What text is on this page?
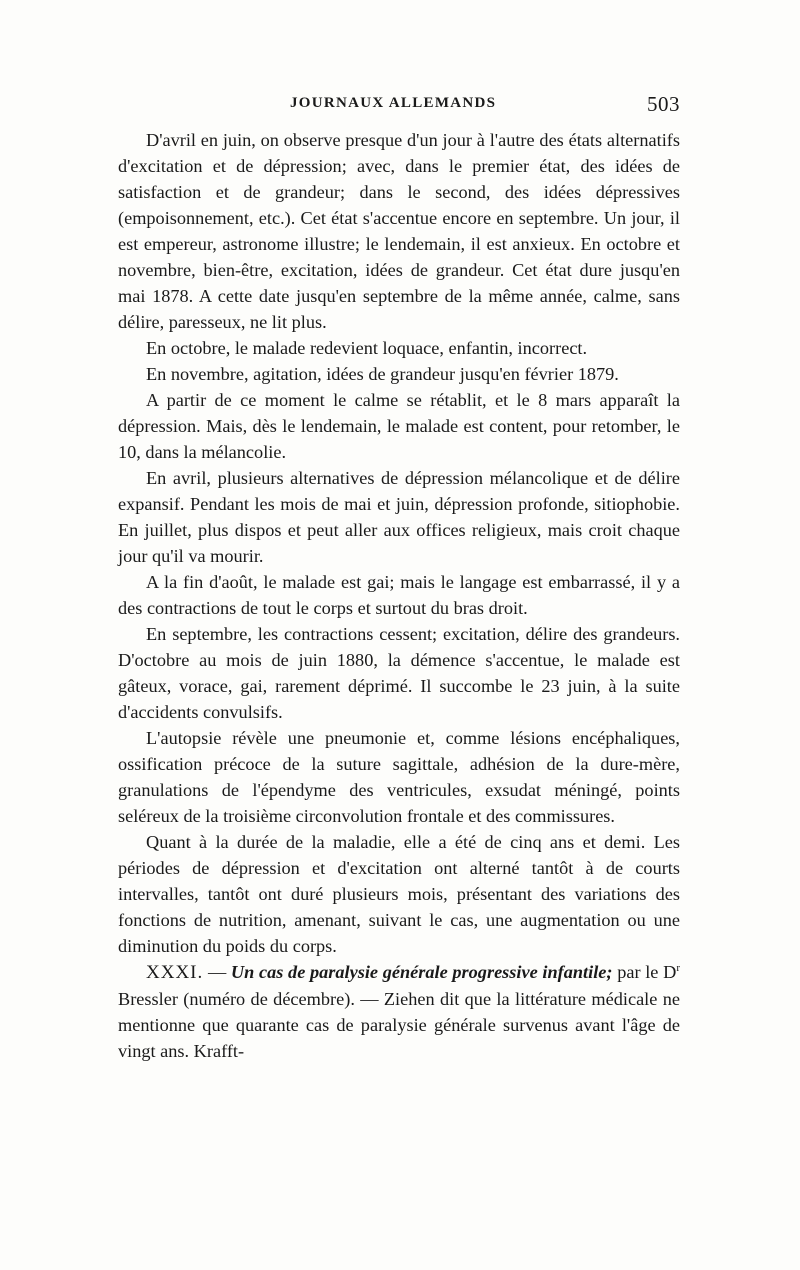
JOURNAUX ALLEMANDS	503

D'avril en juin, on observe presque d'un jour à l'autre des états alternatifs d'excitation et de dépression; avec, dans le premier état, des idées de satisfaction et de grandeur; dans le second, des idées dépressives (empoisonnement, etc.). Cet état s'accentue encore en septembre. Un jour, il est empereur, astronome illustre; le lendemain, il est anxieux. En octobre et novembre, bien-être, excitation, idées de grandeur. Cet état dure jusqu'en mai 1878. A cette date jusqu'en septembre de la même année, calme, sans délire, paresseux, ne lit plus.

En octobre, le malade redevient loquace, enfantin, incorrect.

En novembre, agitation, idées de grandeur jusqu'en février 1879.

A partir de ce moment le calme se rétablit, et le 8 mars apparaît la dépression. Mais, dès le lendemain, le malade est content, pour retomber, le 10, dans la mélancolie.

En avril, plusieurs alternatives de dépression mélancolique et de délire expansif. Pendant les mois de mai et juin, dépression profonde, sitiophobie. En juillet, plus dispos et peut aller aux offices religieux, mais croit chaque jour qu'il va mourir.

A la fin d'août, le malade est gai; mais le langage est embarrassé, il y a des contractions de tout le corps et surtout du bras droit.

En septembre, les contractions cessent; excitation, délire des grandeurs. D'octobre au mois de juin 1880, la démence s'accentue, le malade est gâteux, vorace, gai, rarement déprimé. Il succombe le 23 juin, à la suite d'accidents convulsifs.

L'autopsie révèle une pneumonie et, comme lésions encéphaliques, ossification précoce de la suture sagittale, adhésion de la dure-mère, granulations de l'épendyme des ventricules, exsudat méningé, points seléreux de la troisième circonvolution frontale et des commissures.

Quant à la durée de la maladie, elle a été de cinq ans et demi. Les périodes de dépression et d'excitation ont alterné tantôt à de courts intervalles, tantôt ont duré plusieurs mois, présentant des variations des fonctions de nutrition, amenant, suivant le cas, une augmentation ou une diminution du poids du corps.

XXXI. — Un cas de paralysie générale progressive infantile; par le $D^r$ Bressler (numéro de décembre). — Ziehen dit que la littérature médicale ne mentionne que quarante cas de paralysie générale survenus avant l'âge de vingt ans. Krafft-
